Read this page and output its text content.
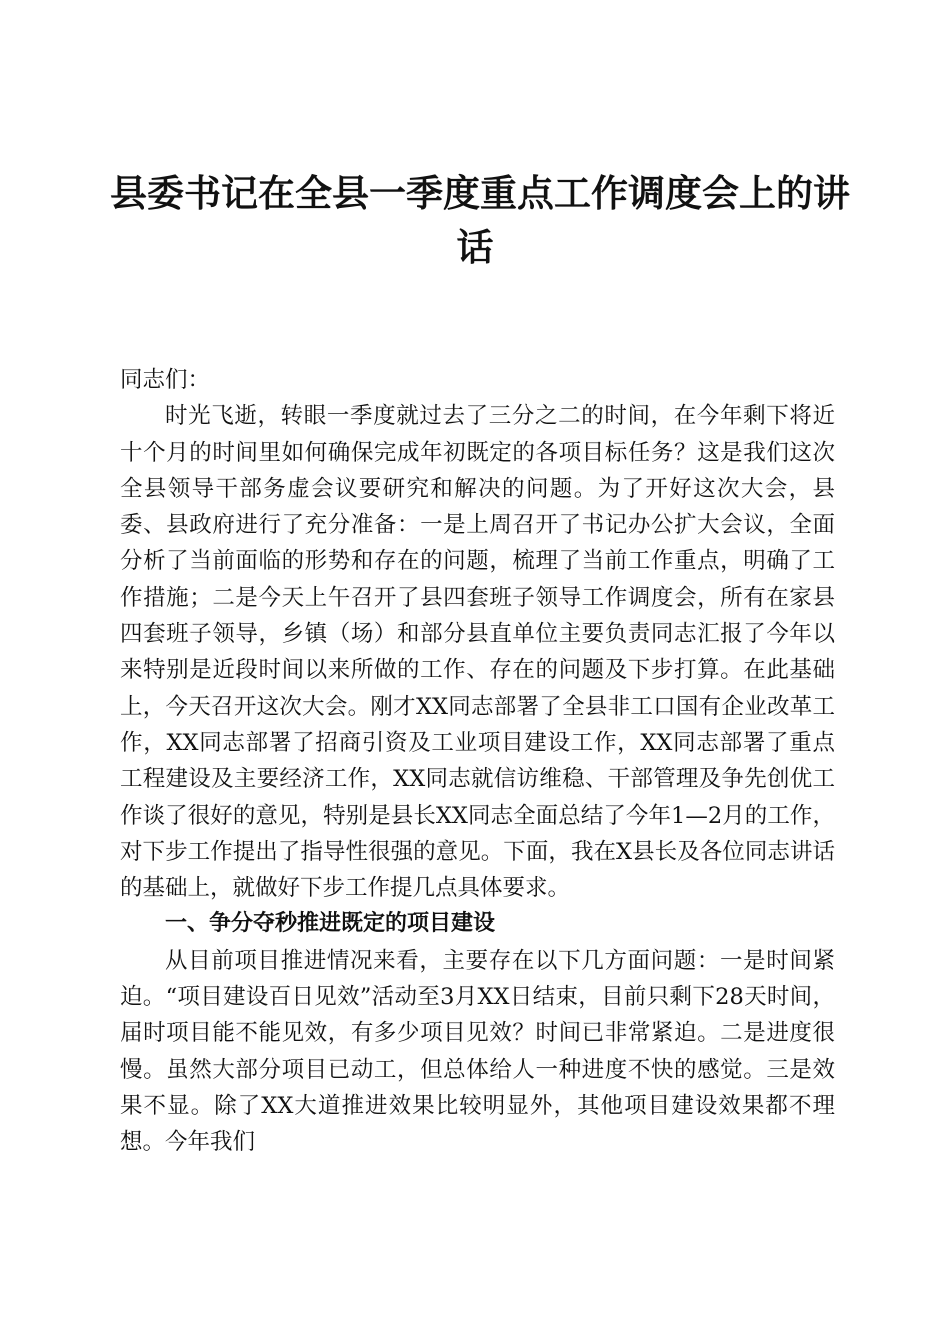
县委书记在全县一季度重点工作调度会上的讲
话

同志们：

时光飞逝，转眼一季度就过去了三分之二的时间，在今年剩下将近十个月的时间里如何确保完成年初既定的各项目标任务？这是我们这次全县领导干部务虚会议要研究和解决的问题。为了开好这次大会，县委、县政府进行了充分准备：一是上周召开了书记办公扩大会议，全面分析了当前面临的形势和存在的问题，梳理了当前工作重点，明确了工作措施；二是今天上午召开了县四套班子领导工作调度会，所有在家县四套班子领导，乡镇（场）和部分县直单位主要负责同志汇报了今年以来特别是近段时间以来所做的工作、存在的问题及下步打算。在此基础上，今天召开这次大会。刚才XX同志部署了全县非工口国有企业改革工作，XX同志部署了招商引资及工业项目建设工作，XX同志部署了重点工程建设及主要经济工作，XX同志就信访维稳、干部管理及争先创优工作谈了很好的意见，特别是县长XX同志全面总结了今年1—2月的工作，对下步工作提出了指导性很强的意见。下面，我在X县长及各位同志讲话的基础上，就做好下步工作提几点具体要求。

一、争分夺秒推进既定的项目建设

从目前项目推进情况来看，主要存在以下几方面问题：一是时间紧迫。“项目建设百日见效”活动至3月XX日结束，目前只剩下28天时间，届时项目能不能见效，有多少项目见效？时间已非常紧迫。二是进度很慢。虽然大部分项目已动工，但总体给人一种进度不快的感觉。三是效果不显。除了XX大道推进效果比较明显外，其他项目建设效果都不理想。今年我们
